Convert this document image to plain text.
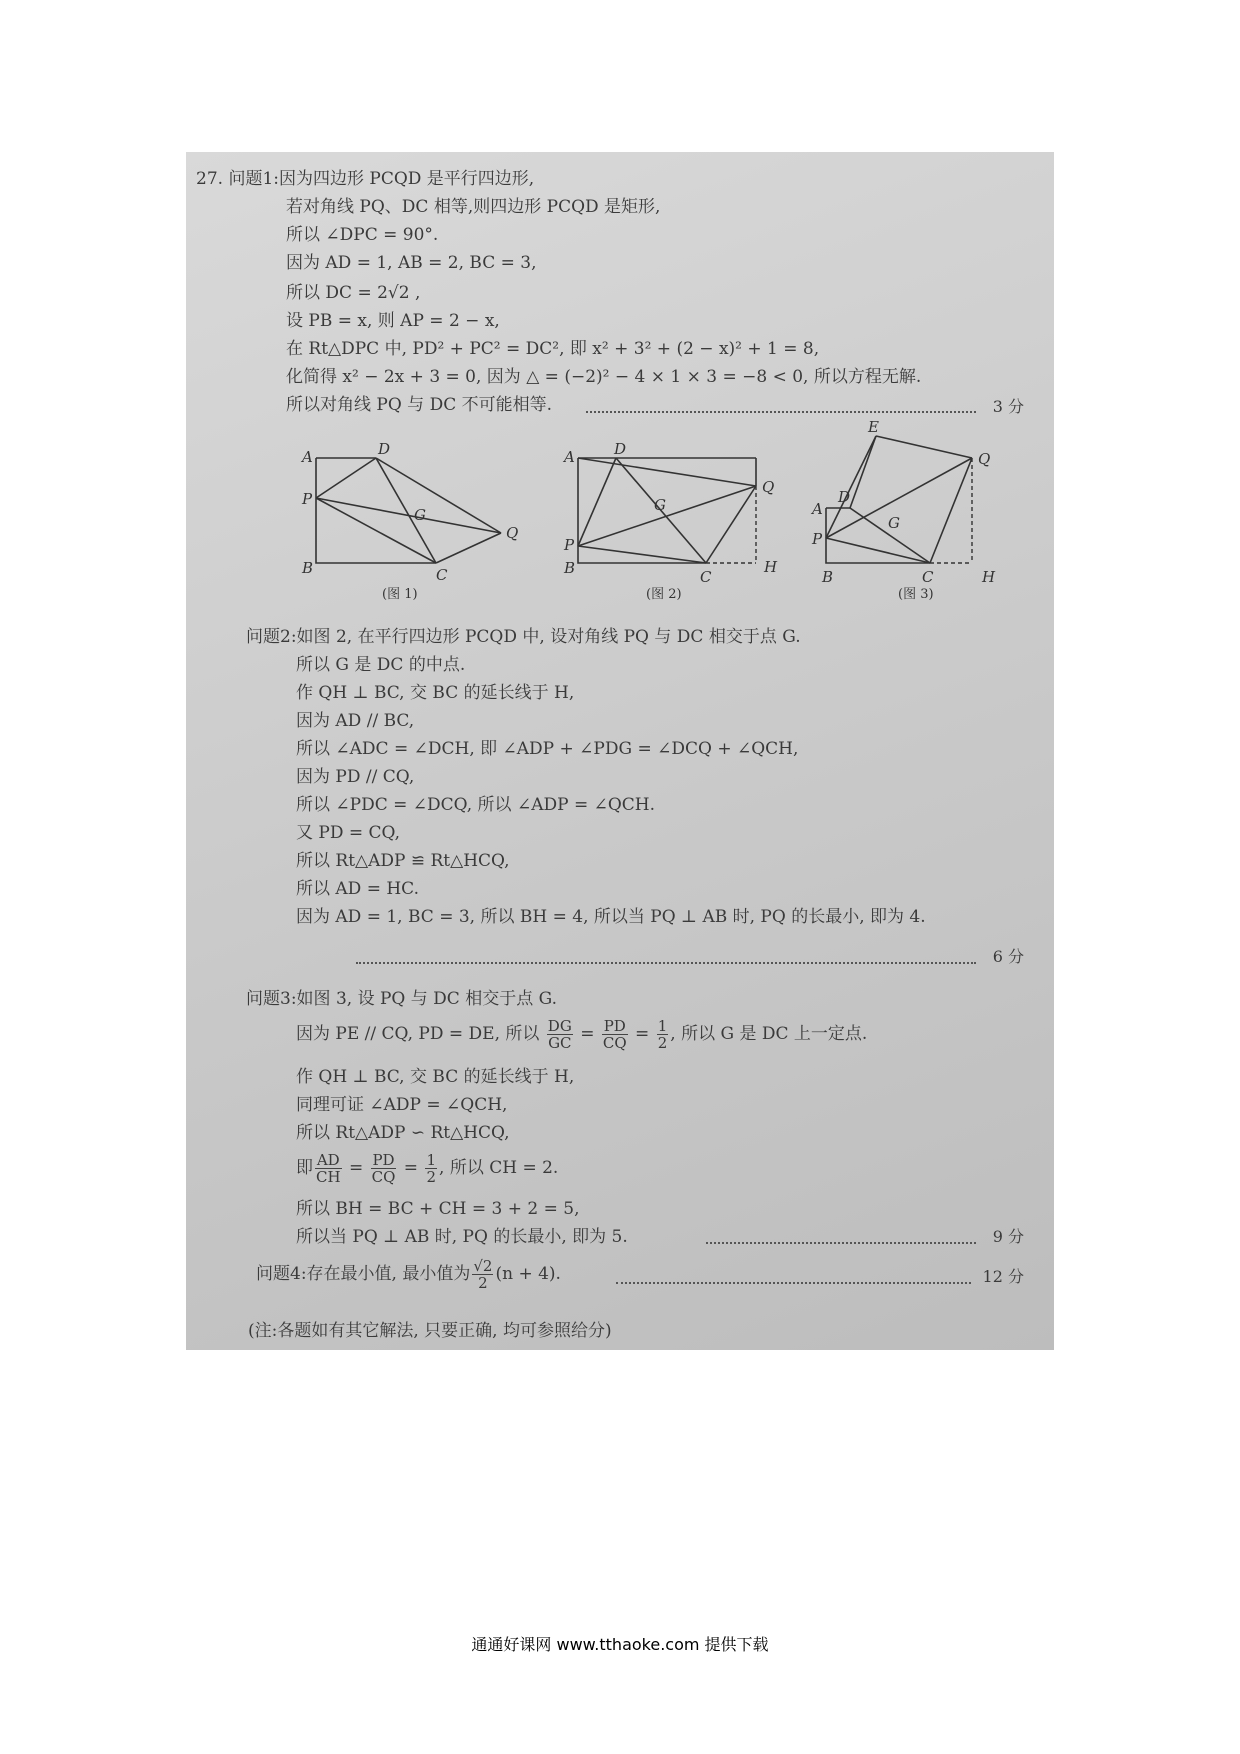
27. 问题1:因为四边形 PCQD 是平行四边形,
若对角线 PQ、DC 相等,则四边形 PCQD 是矩形,
所以 ∠DPC = 90°.
因为 AD = 1, AB = 2, BC = 3,
所以 DC = 2√2 ,
设 PB = x, 则 AP = 2 − x,
在 Rt△DPC 中, PD² + PC² = DC², 即 x² + 3² + (2 − x)² + 1 = 8,
化简得 x² − 2x + 3 = 0, 因为 △ = (−2)² − 4 × 1 × 3 = −8 < 0, 所以方程无解.
所以对角线 PQ 与 DC 不可能相等.	3 分
A	D
P
G
Q
B	C
(图 1)
A	D
P
G
Q
B	C
H
(图 2)
E
A
D
P
G
Q
B	C	H
(图 3)
问题2:如图 2, 在平行四边形 PCQD 中, 设对角线 PQ 与 DC 相交于点 G.
所以 G 是 DC 的中点.
作 QH ⊥ BC, 交 BC 的延长线于 H,
因为 AD // BC,
所以 ∠ADC = ∠DCH, 即 ∠ADP + ∠PDG = ∠DCQ + ∠QCH,
因为 PD // CQ,
所以 ∠PDC = ∠DCQ, 所以 ∠ADP = ∠QCH.
又 PD = CQ,
所以 Rt△ADP ≌ Rt△HCQ,
所以 AD = HC.
因为 AD = 1, BC = 3, 所以 BH = 4, 所以当 PQ ⊥ AB 时, PQ 的长最小, 即为 4.
6 分
问题3:如图 3, 设 PQ 与 DC 相交于点 G.
因为 PE // CQ, PD = DE, 所以 $\frac{DG}{GC} = \frac{PD}{CQ} = \frac{1}{2}$ , 所以 G 是 DC 上一定点.
作 QH ⊥ BC, 交 BC 的延长线于 H,
同理可证 ∠ADP = ∠QCH,
所以 Rt△ADP ∽ Rt△HCQ,
即 $\frac{AD}{CH} = \frac{PD}{CQ} = \frac{1}{2}$ , 所以 CH = 2.
所以 BH = BC + CH = 3 + 2 = 5,
所以当 PQ ⊥ AB 时, PQ 的长最小, 即为 5.	9 分
问题4:存在最小值, 最小值为 $\frac{√2}{2} (n + 4)$.	12 分
(注:各题如有其它解法, 只要正确, 均可参照给分)
通通好课网 www.tthaoke.com 提供下载
